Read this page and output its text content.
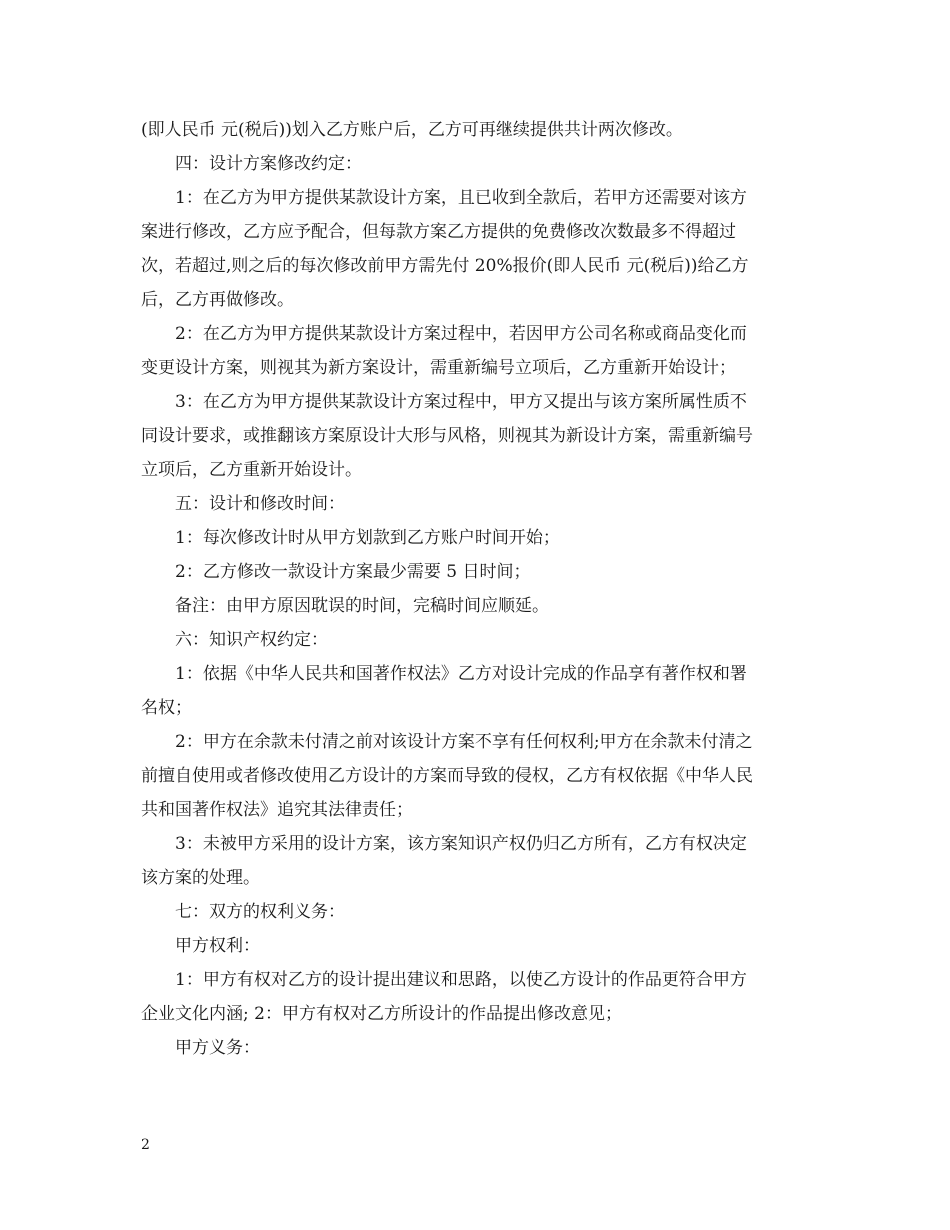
(即人民币 元(税后))划入乙方账户后，乙方可再继续提供共计两次修改。
四：设计方案修改约定：
1：在乙方为甲方提供某款设计方案，且已收到全款后，若甲方还需要对该方
案进行修改，乙方应予配合，但每款方案乙方提供的免费修改次数最多不得超过
次，若超过,则之后的每次修改前甲方需先付 20%报价(即人民币 元(税后))给乙方
后，乙方再做修改。
2：在乙方为甲方提供某款设计方案过程中，若因甲方公司名称或商品变化而
变更设计方案，则视其为新方案设计，需重新编号立项后，乙方重新开始设计；
3：在乙方为甲方提供某款设计方案过程中，甲方又提出与该方案所属性质不
同设计要求，或推翻该方案原设计大形与风格，则视其为新设计方案，需重新编号
立项后，乙方重新开始设计。
五：设计和修改时间：
1：每次修改计时从甲方划款到乙方账户时间开始；
2：乙方修改一款设计方案最少需要 5 日时间；
备注：由甲方原因耽误的时间，完稿时间应顺延。
六：知识产权约定：
1：依据《中华人民共和国著作权法》乙方对设计完成的作品享有著作权和署
名权；
2：甲方在余款未付清之前对该设计方案不享有任何权利;甲方在余款未付清之
前擅自使用或者修改使用乙方设计的方案而导致的侵权，乙方有权依据《中华人民
共和国著作权法》追究其法律责任；
3：未被甲方采用的设计方案，该方案知识产权仍归乙方所有，乙方有权决定
该方案的处理。
七：双方的权利义务：
甲方权利：
1：甲方有权对乙方的设计提出建议和思路，以使乙方设计的作品更符合甲方
企业文化内涵; 2：甲方有权对乙方所设计的作品提出修改意见；
甲方义务：
2
